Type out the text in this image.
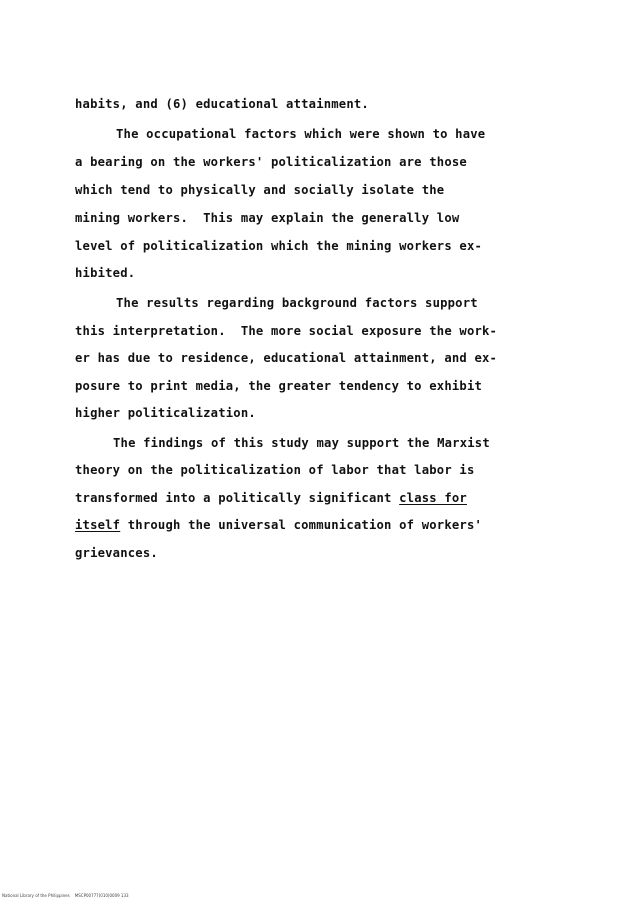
habits, and (6) educational attainment.
The occupational factors which were shown to have
a bearing on the workers' politicalization are those
which tend to physically and socially isolate the
mining workers.  This may explain the generally low
level of politicalization which the mining workers ex-
hibited.
The results regarding background factors support
this interpretation.  The more social exposure the work-
er has due to residence, educational attainment, and ex-
posure to print media, the greater tendency to exhibit
higher politicalization.
The findings of this study may support the Marxist
theory on the politicalization of labor that labor is
transformed into a politically significant class for
itself through the universal communication of workers'
grievances.
National Library of the Philippines    MSCP00777(010)0009 133
